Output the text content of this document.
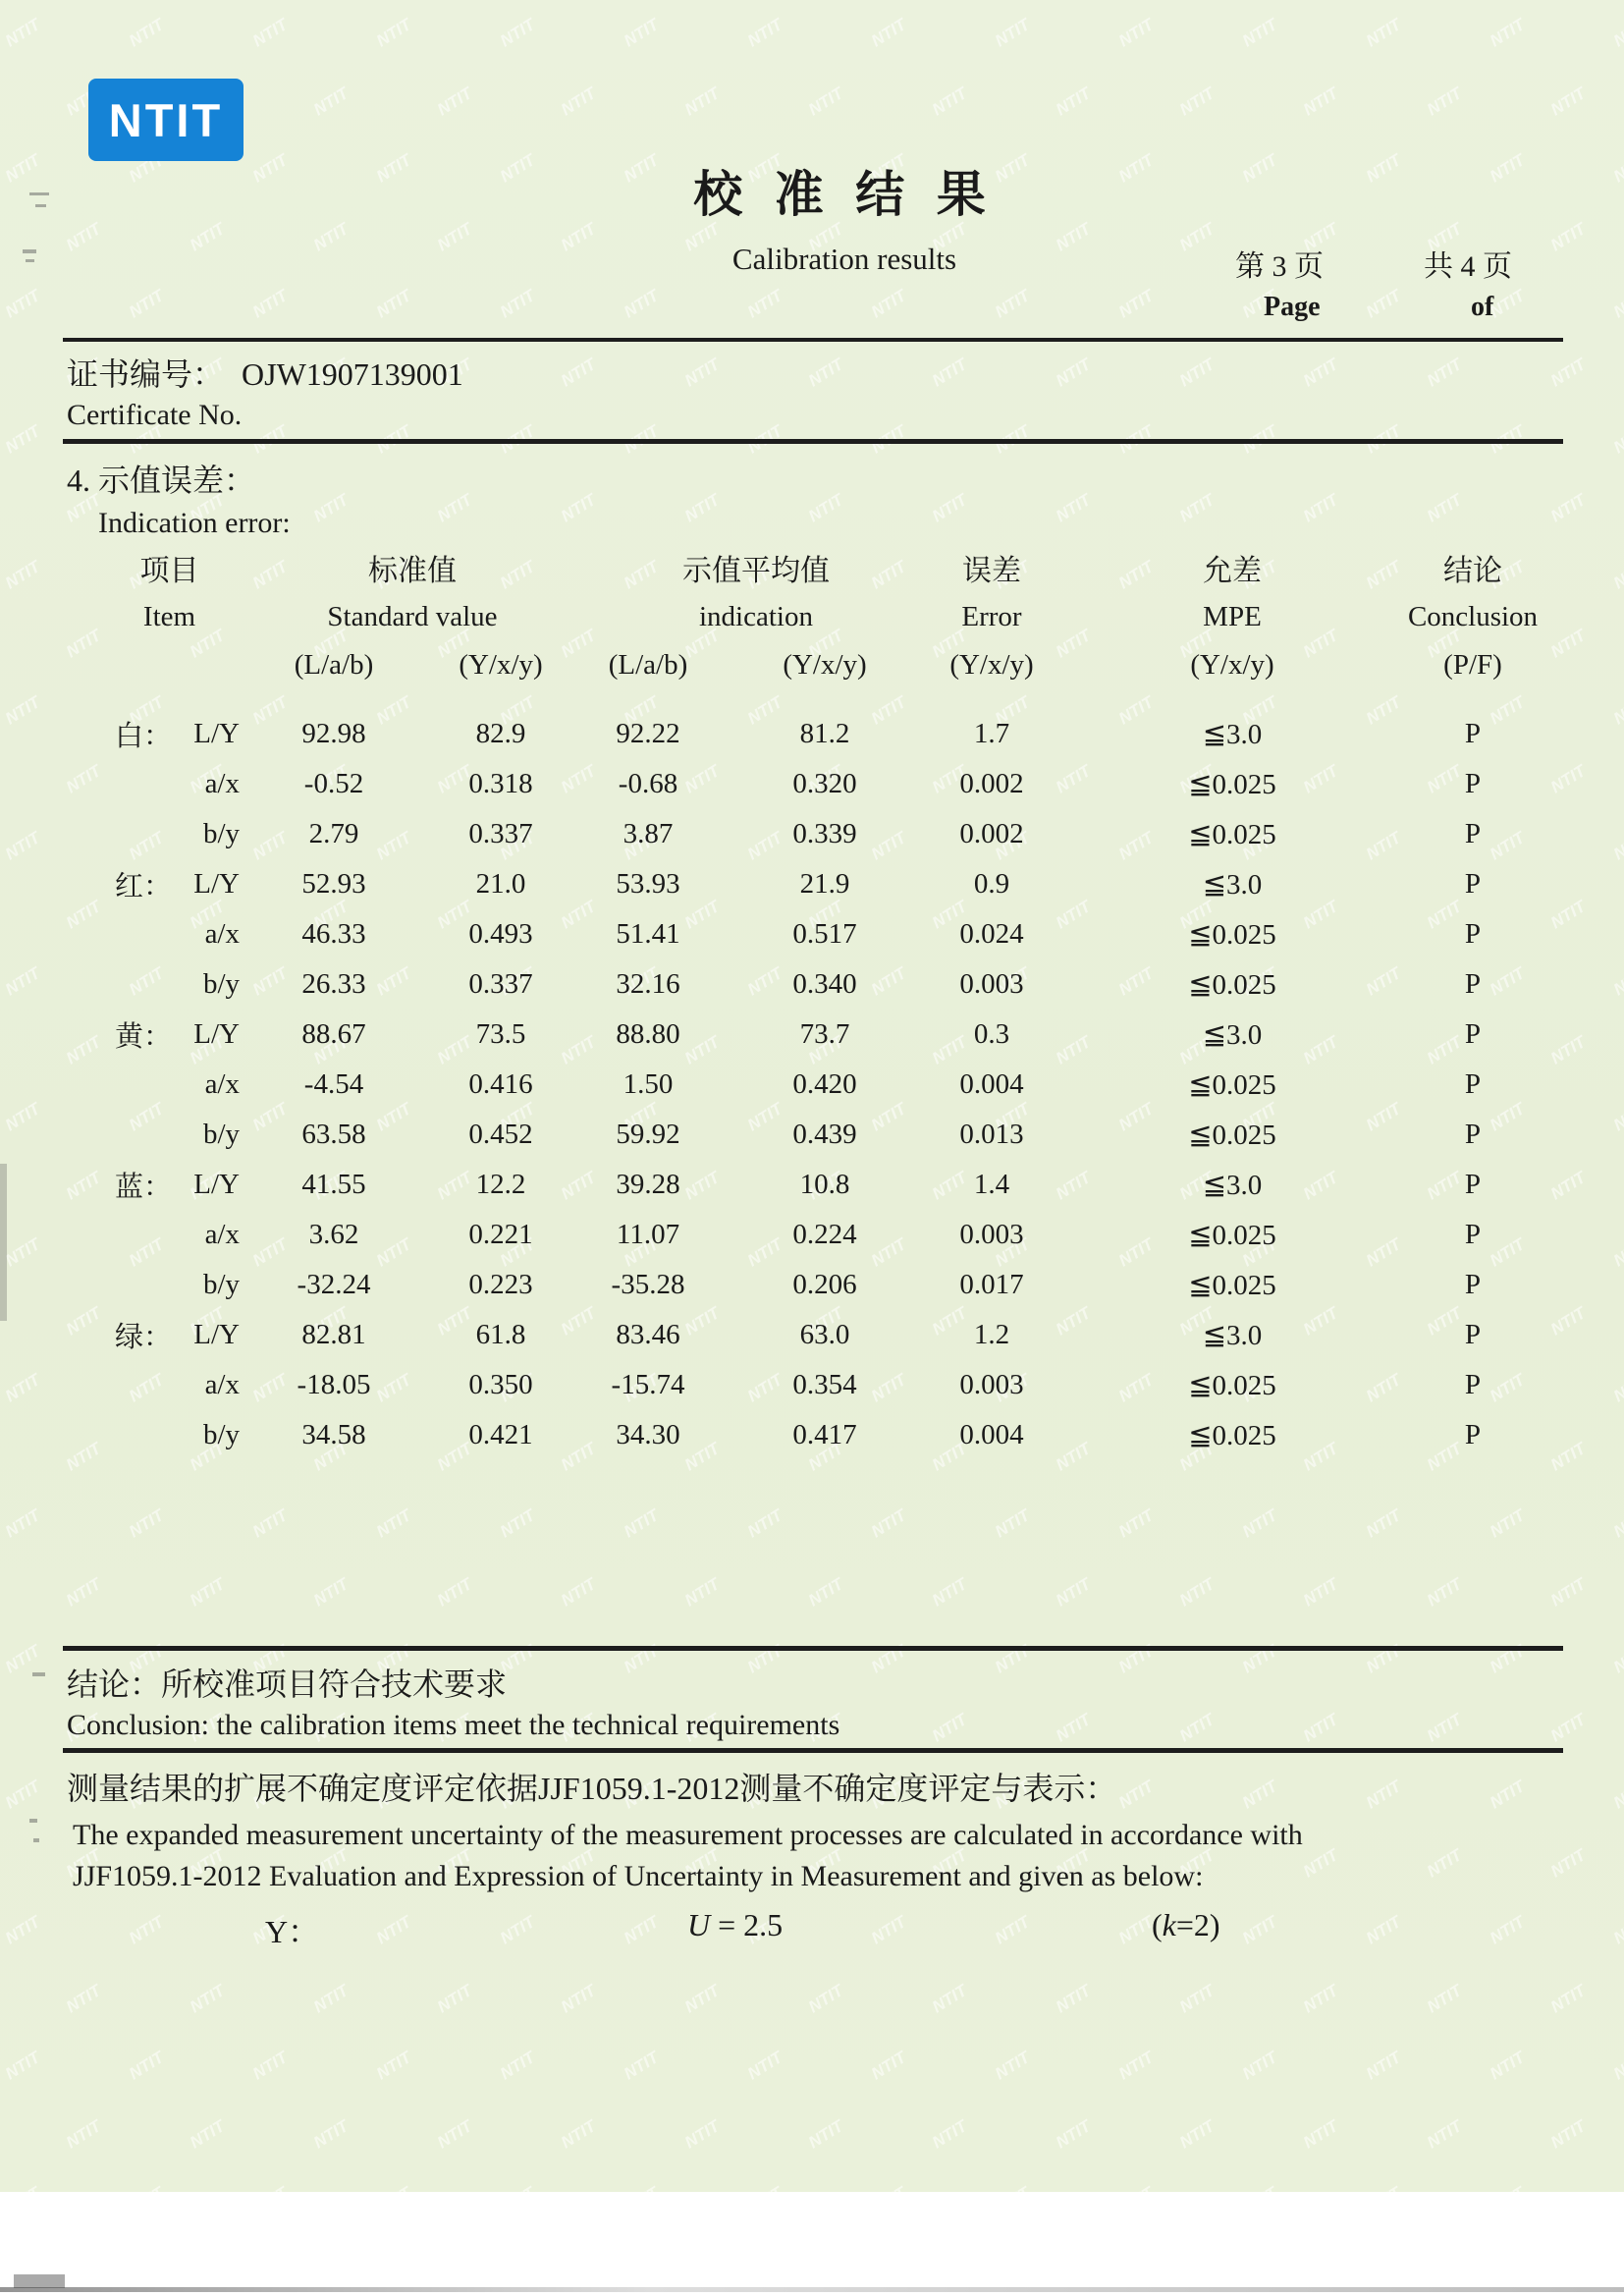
NTIT
校 准 结 果
Calibration results	第 3 页	共 4 页
Page	of
证书编号： OJW1907139001
Certificate No.
4. 示值误差：
Indication error:
项目	标准值	示值平均值	误差	允差	结论
Item	Standard value	indication	Error	MPE	Conclusion
(L/a/b)	(Y/x/y)	(L/a/b)	(Y/x/y)	(Y/x/y)	(Y/x/y)	(P/F)
白： L/Y	92.98	82.9	92.22	81.2	1.7	≦3.0	P
a/x	-0.52	0.318	-0.68	0.320	0.002	≦0.025	P
b/y	2.79	0.337	3.87	0.339	0.002	≦0.025	P
红： L/Y	52.93	21.0	53.93	21.9	0.9	≦3.0	P
a/x	46.33	0.493	51.41	0.517	0.024	≦0.025	P
b/y	26.33	0.337	32.16	0.340	0.003	≦0.025	P
黄： L/Y	88.67	73.5	88.80	73.7	0.3	≦3.0	P
a/x	-4.54	0.416	1.50	0.420	0.004	≦0.025	P
b/y	63.58	0.452	59.92	0.439	0.013	≦0.025	P
蓝： L/Y	41.55	12.2	39.28	10.8	1.4	≦3.0	P
a/x	3.62	0.221	11.07	0.224	0.003	≦0.025	P
b/y	-32.24	0.223	-35.28	0.206	0.017	≦0.025	P
绿： L/Y	82.81	61.8	83.46	63.0	1.2	≦3.0	P
a/x	-18.05	0.350	-15.74	0.354	0.003	≦0.025	P
b/y	34.58	0.421	34.30	0.417	0.004	≦0.025	P
结论：所校准项目符合技术要求
Conclusion: the calibration items meet the technical requirements
测量结果的扩展不确定度评定依据JJF1059.1-2012测量不确定度评定与表示：
The expanded measurement uncertainty of the measurement processes are calculated in accordance with
JJF1059.1-2012 Evaluation and Expression of Uncertainty in Measurement and given as below:
Y：	U = 2.5	(k=2)
